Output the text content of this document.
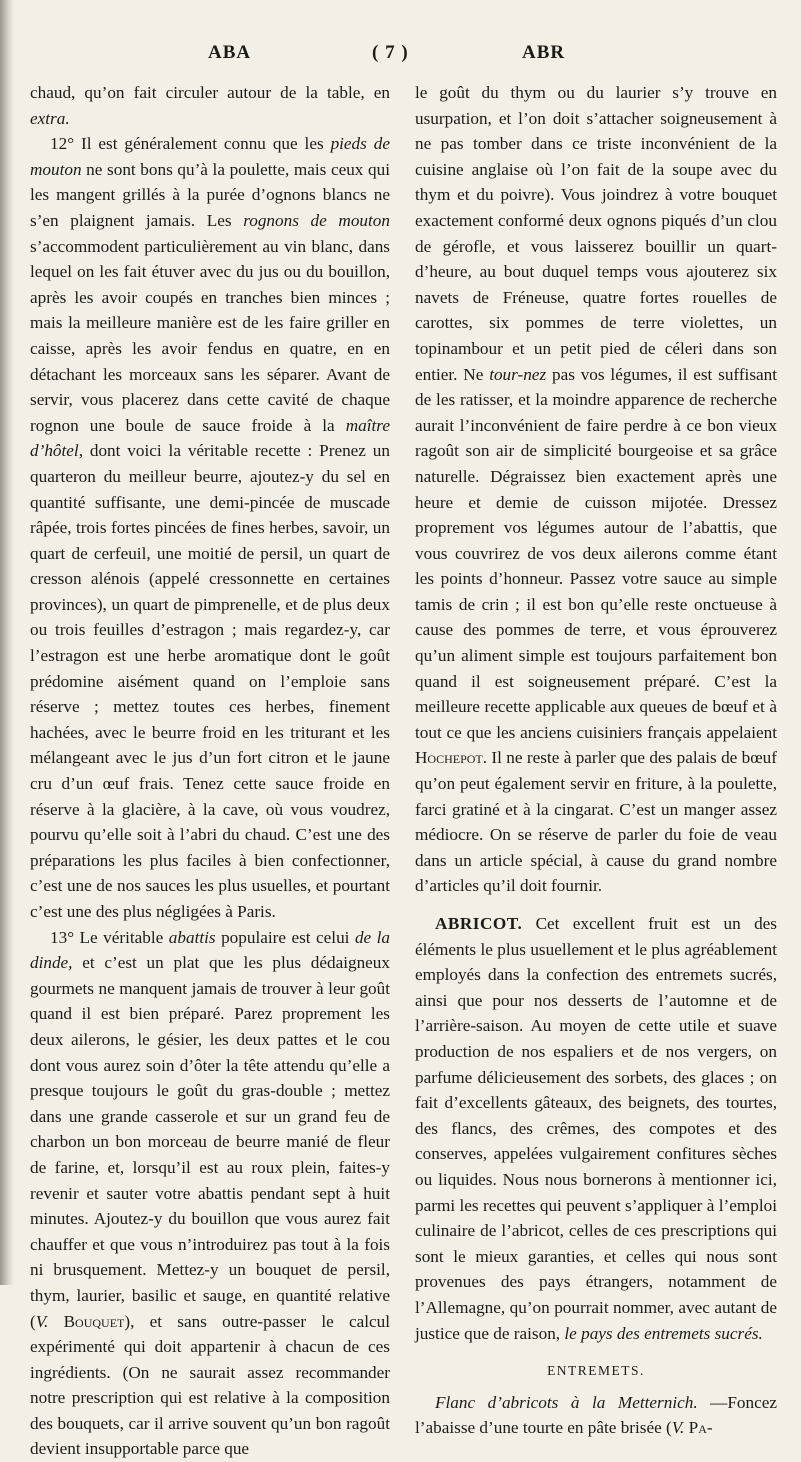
ABA	( 7 )	ABR

chaud, qu’on fait circuler autour de la table, en extra.

12° Il est généralement connu que les pieds de mouton ne sont bons qu’à la poulette, mais ceux qui les mangent grillés à la purée d’ognons blancs ne s’en plaignent jamais. Les rognons de mouton s’accommodent particulièrement au vin blanc, dans lequel on les fait étuver avec du jus ou du bouillon, après les avoir coupés en tranches bien minces ; mais la meilleure manière est de les faire griller en caisse, après les avoir fendus en quatre, en en détachant les morceaux sans les séparer. Avant de servir, vous placerez dans cette cavité de chaque rognon une boule de sauce froide à la maître d’hôtel, dont voici la véritable recette : Prenez un quarteron du meilleur beurre, ajoutez-y du sel en quantité suffisante, une demi-pincée de muscade râpée, trois fortes pincées de fines herbes, savoir, un quart de cerfeuil, une moitié de persil, un quart de cresson alénois (appelé cressonnette en certaines provinces), un quart de pimprenelle, et de plus deux ou trois feuilles d’estragon ; mais regardez-y, car l’estragon est une herbe aromatique dont le goût prédomine aisément quand on l’emploie sans réserve ; mettez toutes ces herbes, finement hachées, avec le beurre froid en les triturant et les mélangeant avec le jus d’un fort citron et le jaune cru d’un œuf frais. Tenez cette sauce froide en réserve à la glacière, à la cave, où vous voudrez, pourvu qu’elle soit à l’abri du chaud. C’est une des préparations les plus faciles à bien confectionner, c’est une de nos sauces les plus usuelles, et pourtant c’est une des plus négligées à Paris.

13° Le véritable abattis populaire est celui de la dinde, et c’est un plat que les plus dédaigneux gourmets ne manquent jamais de trouver à leur goût quand il est bien préparé. Parez proprement les deux ailerons, le gésier, les deux pattes et le cou dont vous aurez soin d’ôter la tête attendu qu’elle a presque toujours le goût du gras-double ; mettez dans une grande casserole et sur un grand feu de charbon un bon morceau de beurre manié de fleur de farine, et, lorsqu’il est au roux plein, faites-y revenir et sauter votre abattis pendant sept à huit minutes. Ajoutez-y du bouillon que vous aurez fait chauffer et que vous n’introduirez pas tout à la fois ni brusquement. Mettez-y un bouquet de persil, thym, laurier, basilic et sauge, en quantité relative (V. Bouquet), et sans outre-passer le calcul expérimenté qui doit appartenir à chacun de ces ingrédients. (On ne saurait assez recommander notre prescription qui est relative à la composition des bouquets, car il arrive souvent qu’un bon ragoût devient insupportable parce que

le goût du thym ou du laurier s’y trouve en usurpation, et l’on doit s’attacher soigneusement à ne pas tomber dans ce triste inconvénient de la cuisine anglaise où l’on fait de la soupe avec du thym et du poivre). Vous joindrez à votre bouquet exactement conformé deux ognons piqués d’un clou de gérofle, et vous laisserez bouillir un quart-d’heure, au bout duquel temps vous ajouterez six navets de Fréneuse, quatre fortes rouelles de carottes, six pommes de terre violettes, un topinambour et un petit pied de céleri dans son entier. Ne tour-nez pas vos légumes, il est suffisant de les ratisser, et la moindre apparence de recherche aurait l’inconvénient de faire perdre à ce bon vieux ragoût son air de simplicité bourgeoise et sa grâce naturelle. Dégraissez bien exactement après une heure et demie de cuisson mijotée. Dressez proprement vos légumes autour de l’abattis, que vous couvrirez de vos deux ailerons comme étant les points d’honneur. Passez votre sauce au simple tamis de crin ; il est bon qu’elle reste onctueuse à cause des pommes de terre, et vous éprouverez qu’un aliment simple est toujours parfaitement bon quand il est soigneusement préparé. C’est la meilleure recette applicable aux queues de bœuf et à tout ce que les anciens cuisiniers français appelaient Hochepot. Il ne reste à parler que des palais de bœuf qu’on peut également servir en friture, à la poulette, farci gratiné et à la cingarat. C’est un manger assez médiocre. On se réserve de parler du foie de veau dans un article spécial, à cause du grand nombre d’articles qu’il doit fournir.

ABRICOT. Cet excellent fruit est un des éléments le plus usuellement et le plus agréablement employés dans la confection des entremets sucrés, ainsi que pour nos desserts de l’automne et de l’arrière-saison. Au moyen de cette utile et suave production de nos espaliers et de nos vergers, on parfume délicieusement des sorbets, des glaces ; on fait d’excellents gâteaux, des beignets, des tourtes, des flancs, des crêmes, des compotes et des conserves, appelées vulgairement confitures sèches ou liquides. Nous nous bornerons à mentionner ici, parmi les recettes qui peuvent s’appliquer à l’emploi culinaire de l’abricot, celles de ces prescriptions qui sont le mieux garanties, et celles qui nous sont provenues des pays étrangers, notamment de l’Allemagne, qu’on pourrait nommer, avec autant de justice que de raison, le pays des entremets sucrés.

ENTREMETS.

Flanc d’abricots à la Metternich. —Foncez l’abaisse d’une tourte en pâte brisée (V. Pa-
